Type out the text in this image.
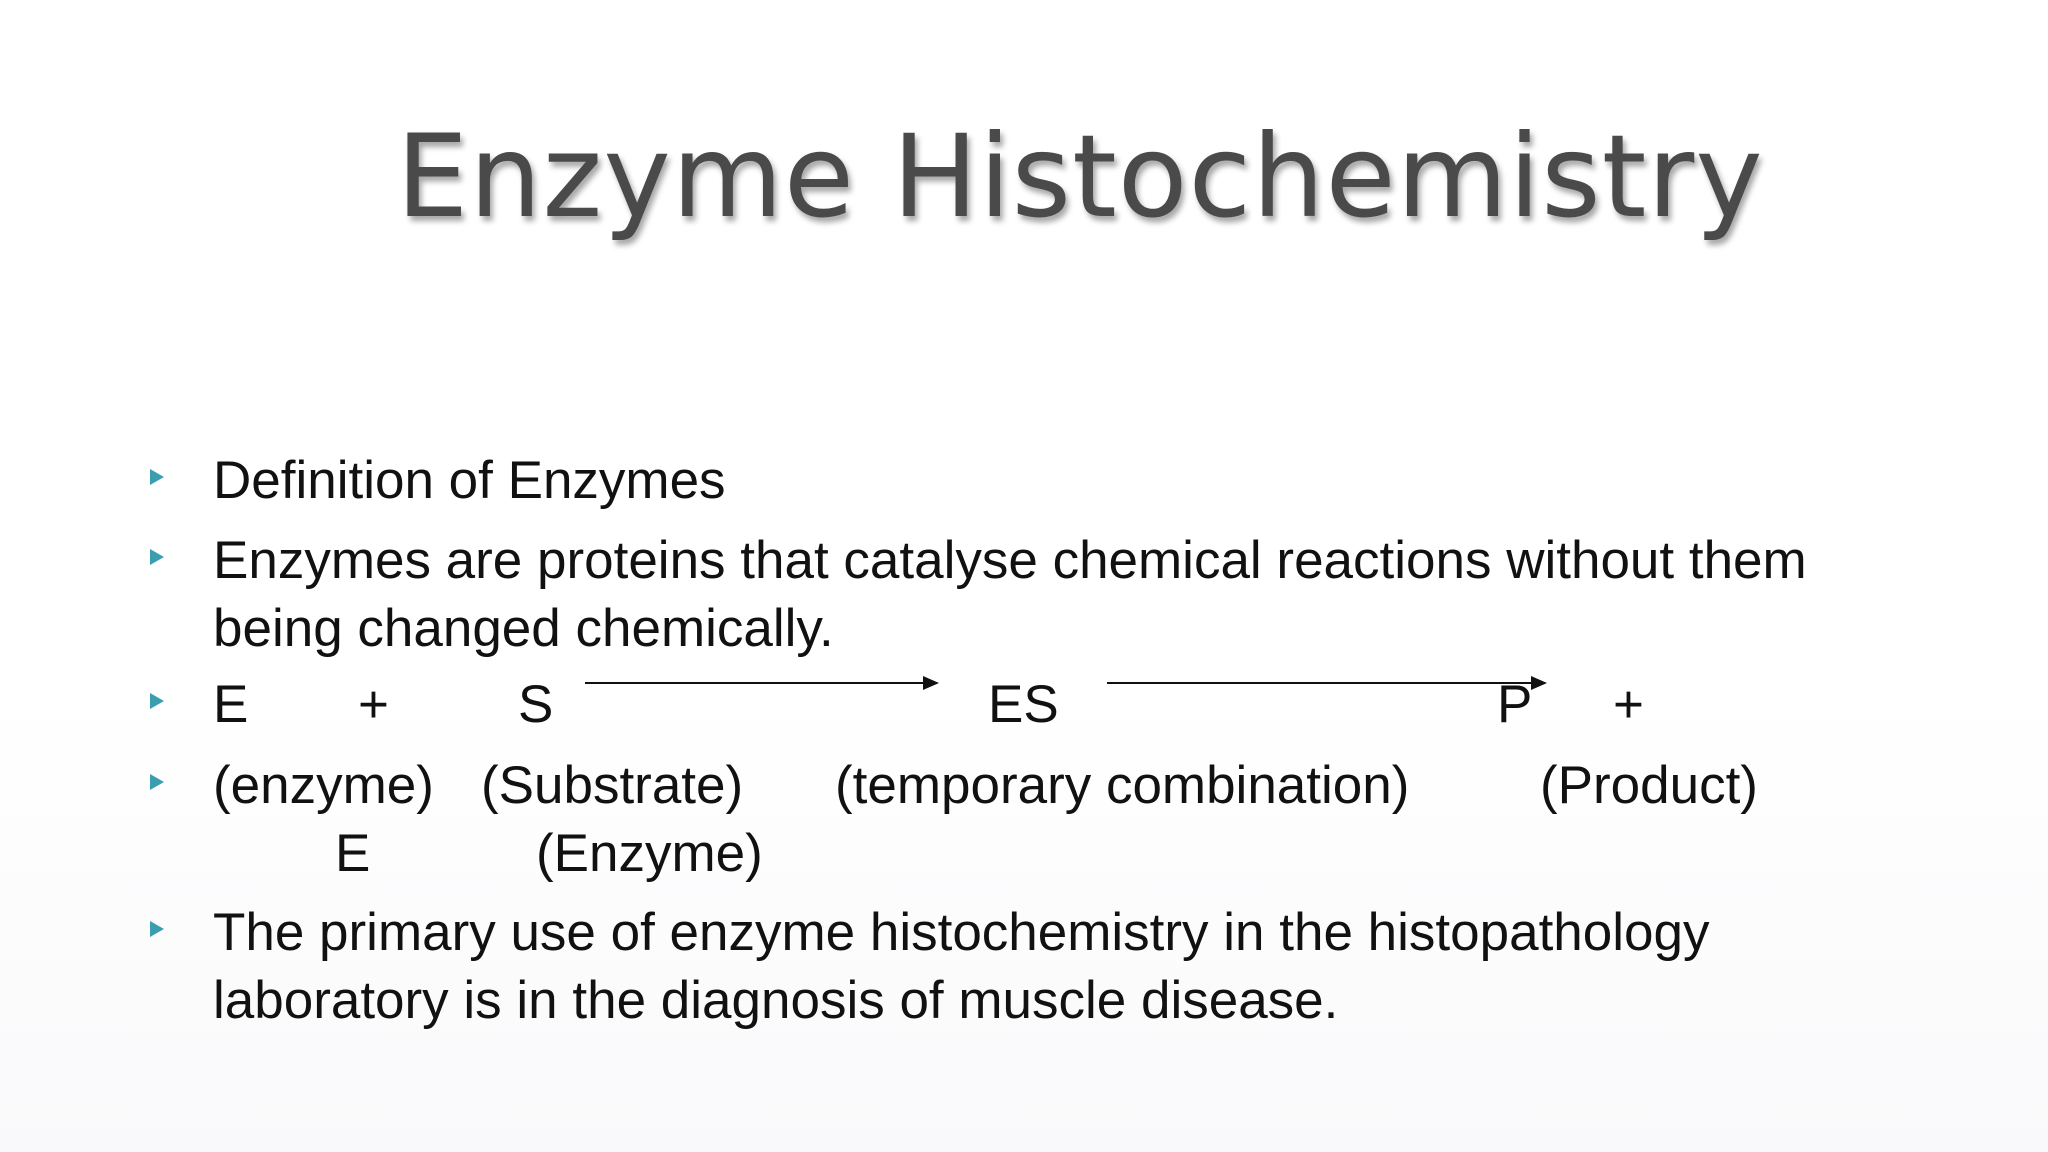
Enzyme Histochemistry
Definition of Enzymes
Enzymes are proteins that catalyse chemical reactions without them
being changed chemically.
E + S	ES	P +
(enzyme) (Substrate) (temporary combination) (Product)
E	(Enzyme)
The primary use of enzyme histochemistry in the histopathology
laboratory is in the diagnosis of muscle disease.
